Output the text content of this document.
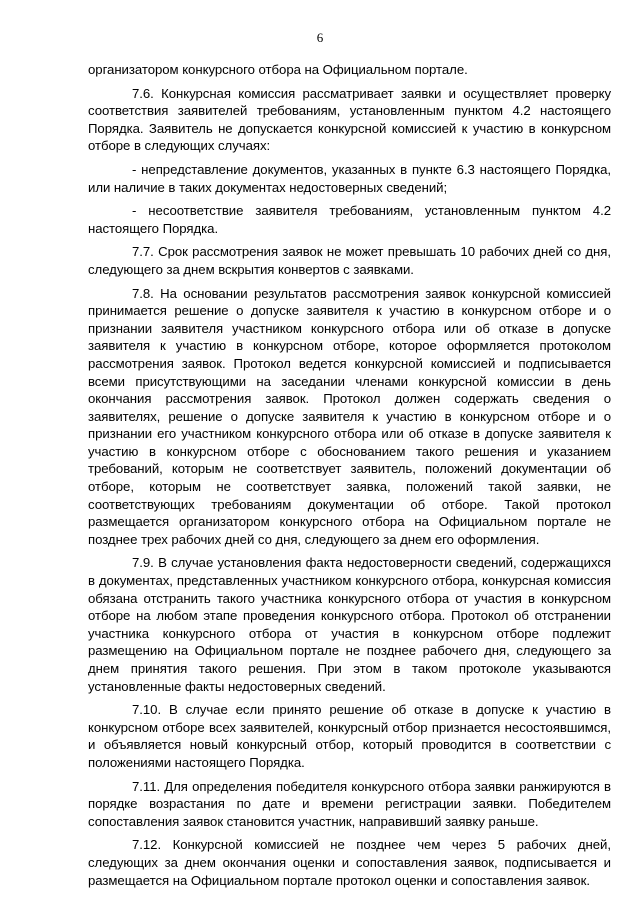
6

организатором конкурсного отбора на Официальном портале.

7.6. Конкурсная комиссия рассматривает заявки и осуществляет проверку соответствия заявителей требованиям, установленным пунктом 4.2 настоящего Порядка. Заявитель не допускается конкурсной комиссией к участию в конкурсном отборе в следующих случаях:

- непредставление документов, указанных в пункте 6.3 настоящего Порядка, или наличие в таких документах недостоверных сведений;

- несоответствие заявителя требованиям, установленным пунктом 4.2 настоящего Порядка.

7.7. Срок рассмотрения заявок не может превышать 10 рабочих дней со дня, следующего за днем вскрытия конвертов с заявками.

7.8. На основании результатов рассмотрения заявок конкурсной комиссией принимается решение о допуске заявителя к участию в конкурсном отборе и о признании заявителя участником конкурсного отбора или об отказе в допуске заявителя к участию в конкурсном отборе, которое оформляется протоколом рассмотрения заявок. Протокол ведется конкурсной комиссией и подписывается всеми присутствующими на заседании членами конкурсной комиссии в день окончания рассмотрения заявок. Протокол должен содержать сведения о заявителях, решение о допуске заявителя к участию в конкурсном отборе и о признании его участником конкурсного отбора или об отказе в допуске заявителя к участию в конкурсном отборе с обоснованием такого решения и указанием требований, которым не соответствует заявитель, положений документации об отборе, которым не соответствует заявка, положений такой заявки, не соответствующих требованиям документации об отборе. Такой протокол размещается организатором конкурсного отбора на Официальном портале не позднее трех рабочих дней со дня, следующего за днем его оформления.

7.9. В случае установления факта недостоверности сведений, содержащихся в документах, представленных участником конкурсного отбора, конкурсная комиссия обязана отстранить такого участника конкурсного отбора от участия в конкурсном отборе на любом этапе проведения конкурсного отбора. Протокол об отстранении участника конкурсного отбора от участия в конкурсном отборе подлежит размещению на Официальном портале не позднее рабочего дня, следующего за днем принятия такого решения. При этом в таком протоколе указываются установленные факты недостоверных сведений.

7.10. В случае если принято решение об отказе в допуске к участию в конкурсном отборе всех заявителей, конкурсный отбор признается несостоявшимся, и объявляется новый конкурсный отбор, который проводится в соответствии с положениями настоящего Порядка.

7.11. Для определения победителя конкурсного отбора заявки ранжируются в порядке возрастания по дате и времени регистрации заявки. Победителем сопоставления заявок становится участник, направивший заявку раньше.

7.12. Конкурсной комиссией не позднее чем через 5 рабочих дней, следующих за днем окончания оценки и сопоставления заявок, подписывается и размещается на Официальном портале протокол оценки и сопоставления заявок.
